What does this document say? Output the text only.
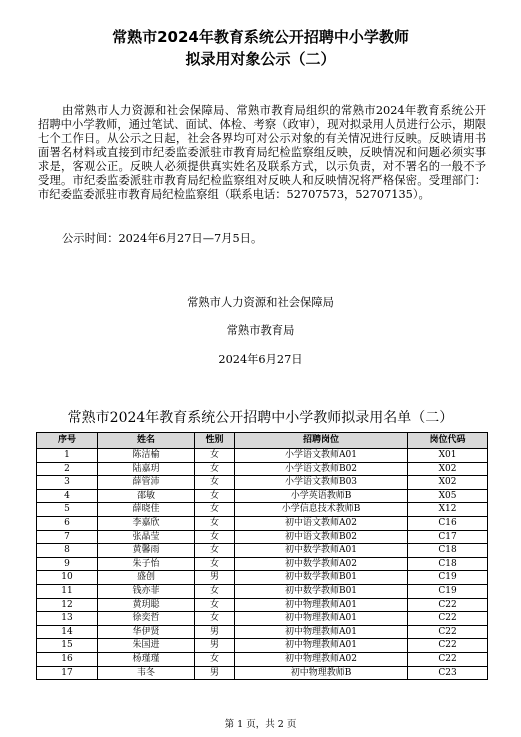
常熟市2024年教育系统公开招聘中小学教师
拟录用对象公示（二）

由常熟市人力资源和社会保障局、常熟市教育局组织的常熟市2024年教育系统公开招聘中小学教师，通过笔试、面试、体检、考察（政审），现对拟录用人员进行公示，期限七个工作日。从公示之日起，社会各界均可对公示对象的有关情况进行反映。反映请用书面署名材料或直接到市纪委监委派驻市教育局纪检监察组反映，反映情况和问题必须实事求是，客观公正。反映人必须提供真实姓名及联系方式，以示负责，对不署名的一般不予受理。市纪委监委派驻市教育局纪检监察组对反映人和反映情况将严格保密。受理部门：市纪委监委派驻市教育局纪检监察组（联系电话：52707573，52707135）。

公示时间：2024年6月27日—7月5日。

常熟市人力资源和社会保障局
常熟市教育局
2024年6月27日
常熟市2024年教育系统公开招聘中小学教师拟录用名单（二）
序号	姓名	性别	招聘岗位	岗位代码
1	陈洁榆	女	小学语文教师A01	X01
2	陆嘉玥	女	小学语文教师B02	X02
3	薛管沛	女	小学语文教师B03	X02
4	邵敏	女	小学英语教师B	X05
5	薛晓佳	女	小学信息技术教师B	X12
6	李嘉欣	女	初中语文教师A02	C16
7	张晶莹	女	初中语文教师B02	C17
8	黄馨雨	女	初中数学教师A01	C18
9	朱子怡	女	初中数学教师A02	C18
10	盛创	男	初中数学教师B01	C19
11	钱亦菲	女	初中数学教师B01	C19
12	黄玥聪	女	初中物理教师A01	C22
13	徐奕哲	女	初中物理教师A01	C22
14	华伊贤	男	初中物理教师A01	C22
15	朱国进	男	初中物理教师A01	C22
16	杨瑾瑾	女	初中物理教师A02	C22
17	韦冬	男	初中物理教师B	C23
第 1 页，共 2 页
